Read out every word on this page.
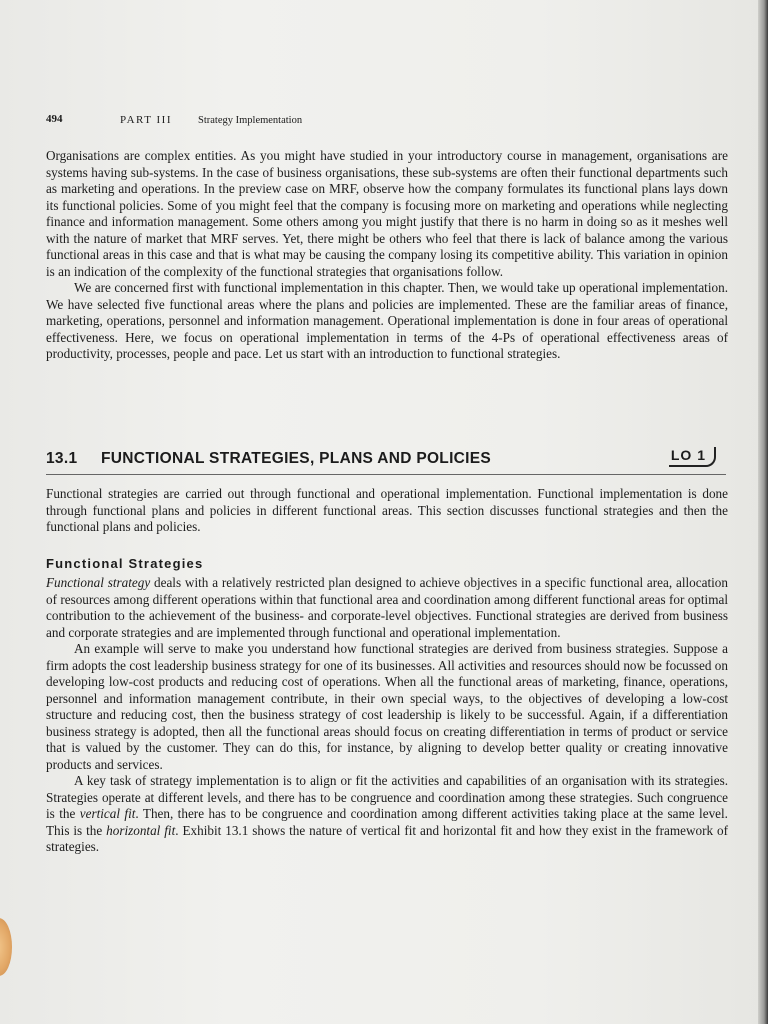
494	PART III Strategy Implementation

Organisations are complex entities. As you might have studied in your introductory course in management, organisations are systems having sub-systems. In the case of business organisations, these sub-systems are often their functional departments such as marketing and operations. In the preview case on MRF, observe how the company formulates its functional plans lays down its functional policies. Some of you might feel that the company is focusing more on marketing and operations while neglecting finance and information management. Some others among you might justify that there is no harm in doing so as it meshes well with the nature of market that MRF serves. Yet, there might be others who feel that there is lack of balance among the various functional areas in this case and that is what may be causing the company losing its competitive ability. This variation in opinion is an indication of the complexity of the functional strategies that organisations follow.

We are concerned first with functional implementation in this chapter. Then, we would take up operational implementation. We have selected five functional areas where the plans and policies are implemented. These are the familiar areas of finance, marketing, operations, personnel and information management. Operational implementation is done in four areas of operational effectiveness. Here, we focus on operational implementation in terms of the 4-Ps of operational effectiveness areas of productivity, processes, people and pace. Let us start with an introduction to functional strategies.

13.1 FUNCTIONAL STRATEGIES, PLANS AND POLICIES	LO 1

Functional strategies are carried out through functional and operational implementation. Functional implementation is done through functional plans and policies in different functional areas. This section discusses functional strategies and then the functional plans and policies.

Functional Strategies

Functional strategy deals with a relatively restricted plan designed to achieve objectives in a specific functional area, allocation of resources among different operations within that functional area and coordination among different functional areas for optimal contribution to the achievement of the business- and corporate-level objectives. Functional strategies are derived from business and corporate strategies and are implemented through functional and operational implementation.

An example will serve to make you understand how functional strategies are derived from business strategies. Suppose a firm adopts the cost leadership business strategy for one of its businesses. All activities and resources should now be focussed on developing low-cost products and reducing cost of operations. When all the functional areas of marketing, finance, operations, personnel and information management contribute, in their own special ways, to the objectives of developing a low-cost structure and reducing cost, then the business strategy of cost leadership is likely to be successful. Again, if a differentiation business strategy is adopted, then all the functional areas should focus on creating differentiation in terms of product or service that is valued by the customer. They can do this, for instance, by aligning to develop better quality or creating innovative products and services.

A key task of strategy implementation is to align or fit the activities and capabilities of an organisation with its strategies. Strategies operate at different levels, and there has to be congruence and coordination among these strategies. Such congruence is the vertical fit. Then, there has to be congruence and coordination among different activities taking place at the same level. This is the horizontal fit. Exhibit 13.1 shows the nature of vertical fit and horizontal fit and how they exist in the framework of strategies.
